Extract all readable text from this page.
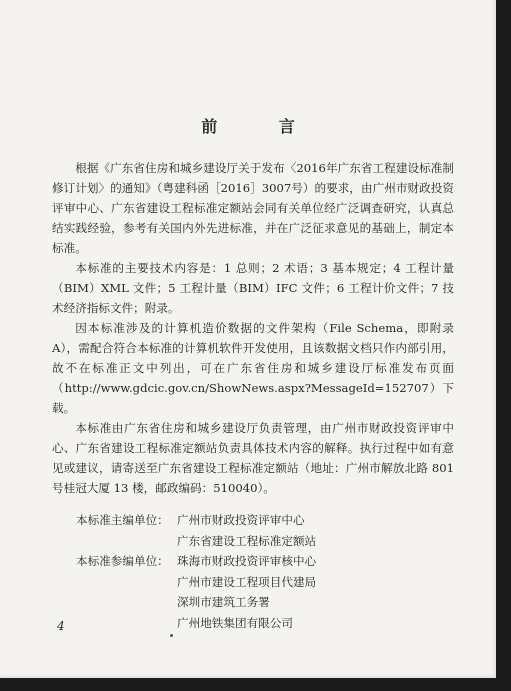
前 言

根据《广东省住房和城乡建设厅关于发布〈2016年广东省工程建设标准制修订计划〉的通知》（粤建科函［2016］3007号）的要求，由广州市财政投资评审中心、广东省建设工程标准定额站会同有关单位经广泛调查研究，认真总结实践经验，参考有关国内外先进标准，并在广泛征求意见的基础上，制定本标准。

本标准的主要技术内容是：1 总则；2 术语；3 基本规定；4 工程计量（BIM）XML 文件；5 工程计量（BIM）IFC 文件；6 工程计价文件；7 技术经济指标文件；附录。

因本标准涉及的计算机造价数据的文件架构（File Schema，即附录 A），需配合符合本标准的计算机软件开发使用，且该数据文档只作内部引用，故不在标准正文中列出，可在广东省住房和城乡建设厅标准发布页面（http://www.gdcic.gov.cn/ShowNews.aspx?MessageId=152707）下载。

本标准由广东省住房和城乡建设厅负责管理，由广州市财政投资评审中心、广东省建设工程标准定额站负责具体技术内容的解释。执行过程中如有意见或建议，请寄送至广东省建设工程标准定额站（地址：广州市解放北路 801 号桂冠大厦 13 楼，邮政编码：510040）。

本标准主编单位： 广州市财政投资评审中心
广东省建设工程标准定额站
本标准参编单位： 珠海市财政投资评审核中心
广州市建设工程项目代建局
深圳市建筑工务署
广州地铁集团有限公司
4
